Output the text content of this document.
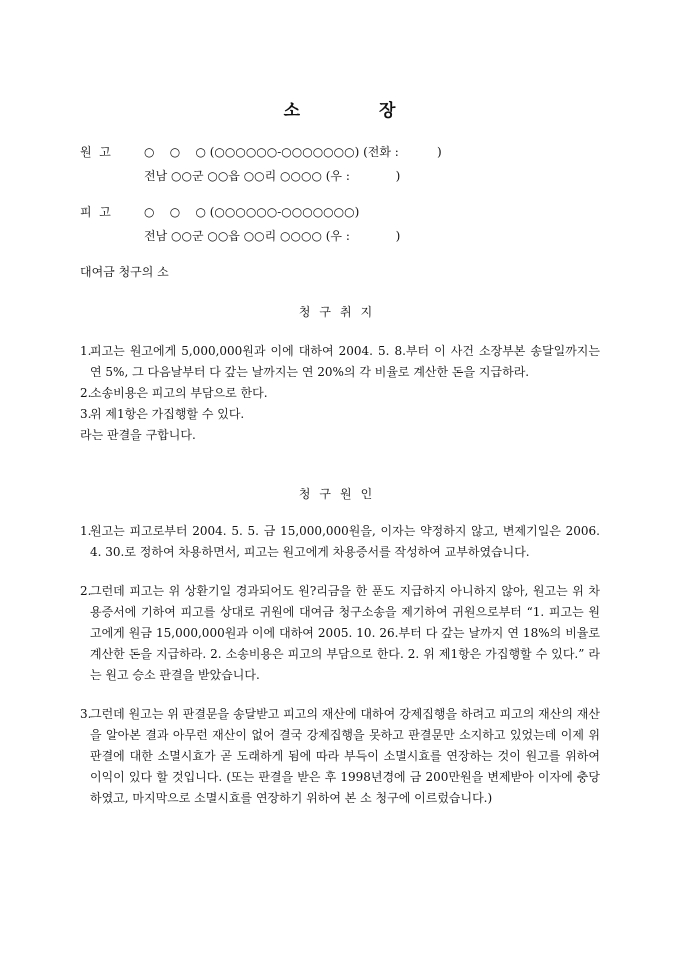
소	장
원  고	○    ○    ○ (○○○○○○-○○○○○○○) (전화 :          )
전남 ○○군 ○○읍 ○○리 ○○○○ (우 :            )
피  고	○    ○    ○ (○○○○○○-○○○○○○○)
전남 ○○군 ○○읍 ○○리 ○○○○ (우 :            )
대여금 청구의 소
청구취지
1.
피고는 원고에게 5,000,000원과 이에 대하여 2004. 5. 8.부터 이 사건 소장부본 송달일까지는 연 5%, 그 다음날부터 다 갚는 날까지는 연 20%의 각 비율로 계산한 돈을 지급하라.
2.
소송비용은 피고의 부담으로 한다.
3.
위 제1항은 가집행할 수 있다.

라는 판결을 구합니다.

청구원인
1.
원고는 피고로부터 2004. 5. 5. 금 15,000,000원을, 이자는 약정하지 않고, 변제기일은 2006. 4. 30.로 정하여 차용하면서, 피고는 원고에게 차용증서를 작성하여 교부하였습니다.
2.
그런데 피고는 위 상환기일 경과되어도 원?리금을 한 푼도 지급하지 아니하지 않아, 원고는 위 차용증서에 기하여 피고를 상대로 귀원에 대여금 청구소송을 제기하여 귀원으로부터 “1. 피고는 원고에게 원금 15,000,000원과 이에 대하여 2005. 10. 26.부터 다 갚는 날까지 연 18%의 비율로 계산한 돈을 지급하라. 2. 소송비용은 피고의 부담으로 한다. 2. 위 제1항은 가집행할 수 있다.” 라는 원고 승소 판결을 받았습니다.
3.
그런데 원고는 위 판결문을 송달받고 피고의 재산에 대하여 강제집행을 하려고 피고의 재산의 재산을 알아본 결과 아무런 재산이 없어 결국 강제집행을 못하고 판결문만 소지하고 있었는데 이제 위 판결에 대한 소멸시효가 곧 도래하게 됨에 따라 부득이 소멸시효를 연장하는 것이 원고를 위하여 이익이 있다 할 것입니다. (또는 판결을 받은 후 1998년경에 금 200만원을 변제받아 이자에 충당하였고, 마지막으로 소멸시효를 연장하기 위하여 본 소 청구에 이르렀습니다.)
